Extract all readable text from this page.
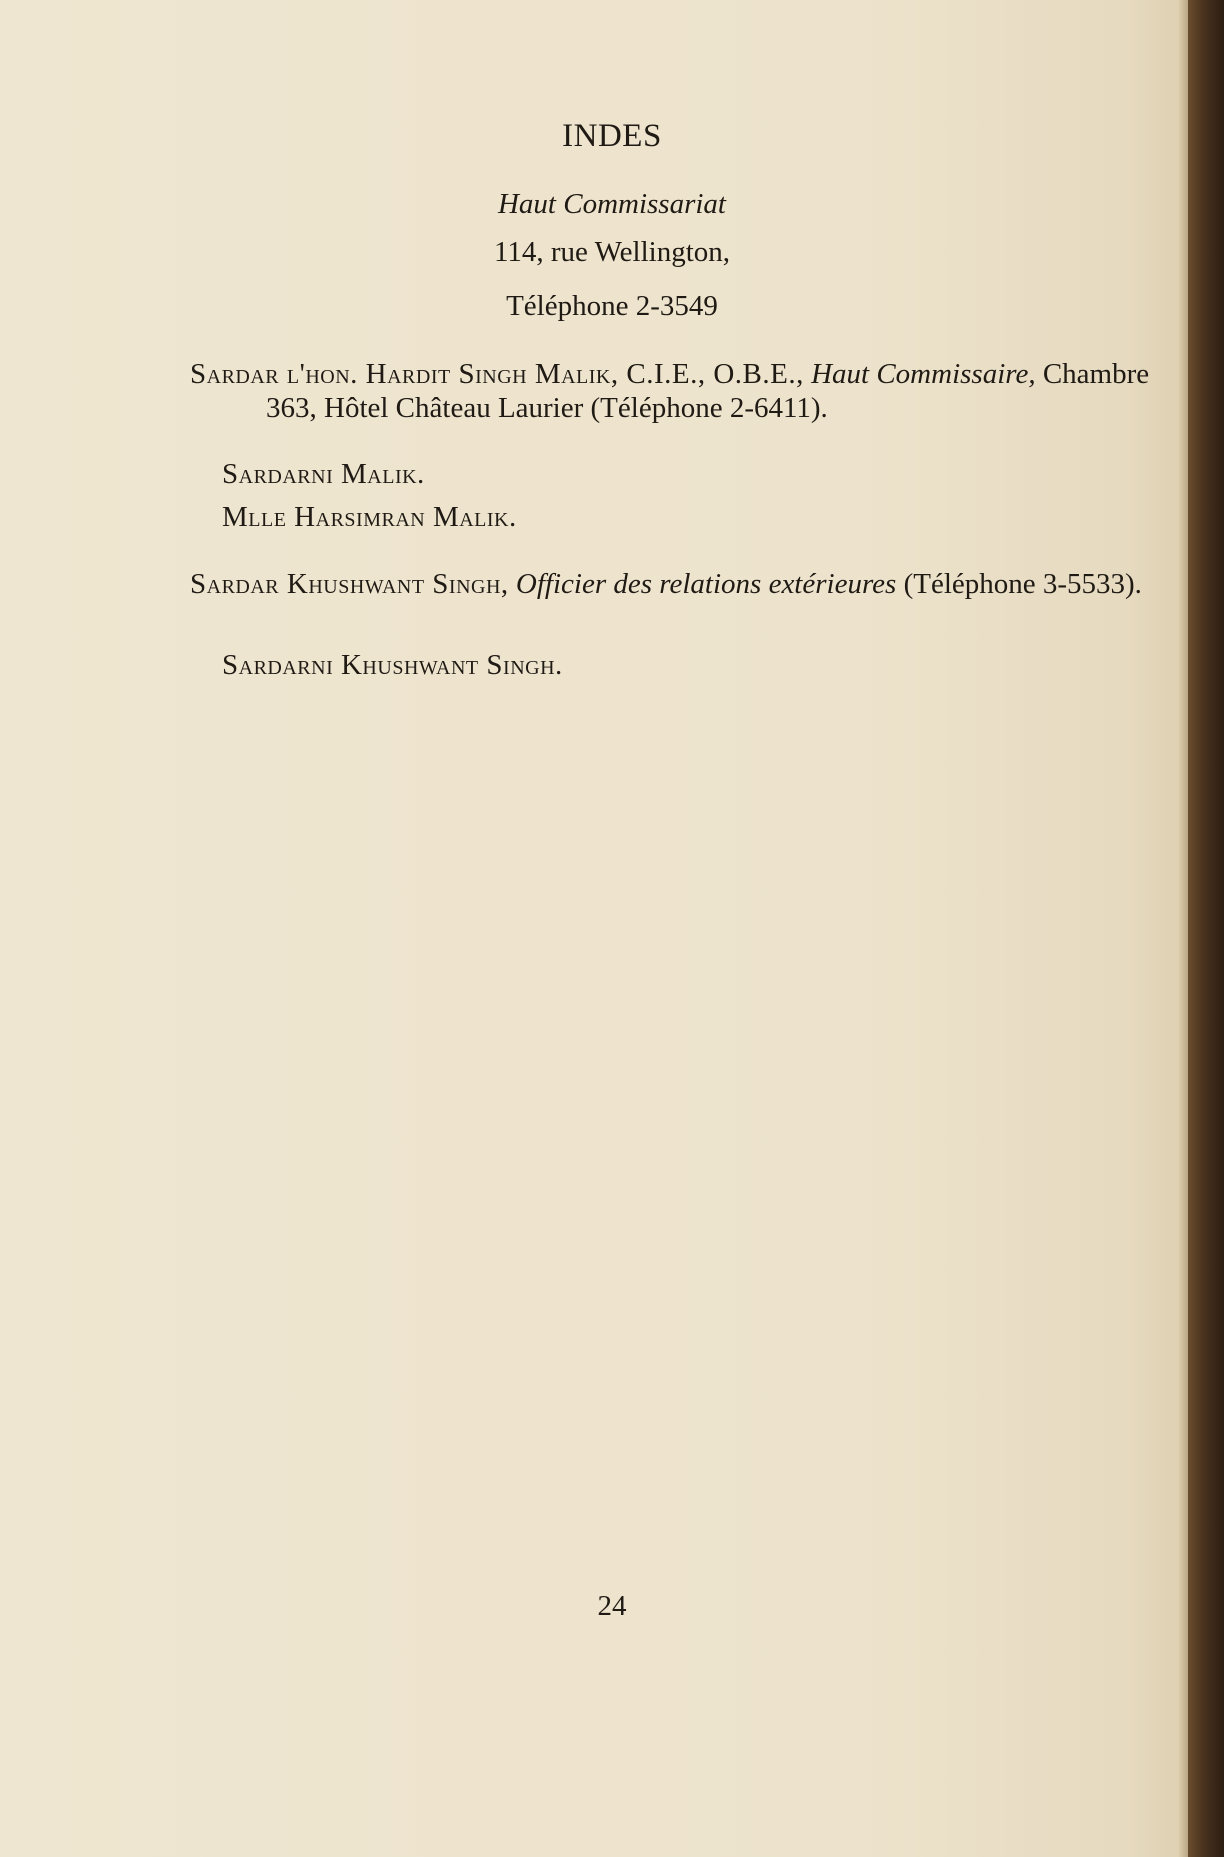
INDES
Haut Commissariat
114, rue Wellington,
Téléphone 2-3549
Sardar l'hon. Hardit Singh Malik, C.I.E., O.B.E., Haut Commissaire, Chambre 363, Hôtel Château Laurier (Téléphone 2-6411).
Sardarni Malik.
Mlle Harsimran Malik.
Sardar Khushwant Singh, Officier des relations extérieures (Téléphone 3-5533).
Sardarni Khushwant Singh.
24
